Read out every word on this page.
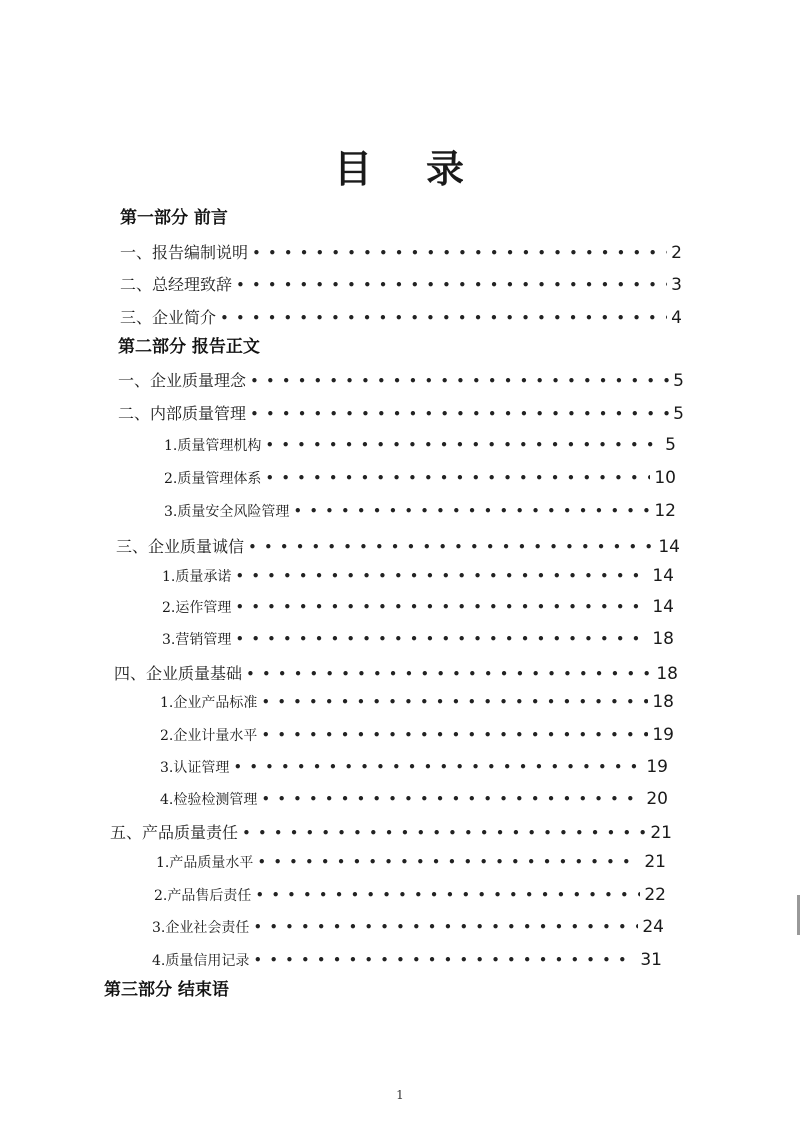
目 录
第一部分 前言
一、 报告编制说明 •••••	2
二、 总经理致辞 •••••	3
三、 企业简介 •••••	4
第二部分 报告正文
一、 企业质量理念 •••••	5
二、 内部质量管理 •••••	5
1. 质量管理机构 •••••	5
2. 质量管理体系 •••••	10
3. 质量安全风险管理 •••••	12
三、 企业质量诚信 •••••	14
1. 质量承诺 •••••	14
2. 运作管理 •••••	14
3. 营销管理 •••••	18
四、 企业质量基础 •••••	18
1. 企业产品标准 •••••	18
2. 企业计量水平 •••••	19
3. 认证管理 •••••	19
4. 检验检测管理 •••••	20
五、 产品质量责任 •••••	21
1. 产品质量水平 •••••	21
2. 产品售后责任 •••••	22
3. 企业社会责任 •••••	24
4. 质量信用记录 •••••	31
第三部分 结束语
1
